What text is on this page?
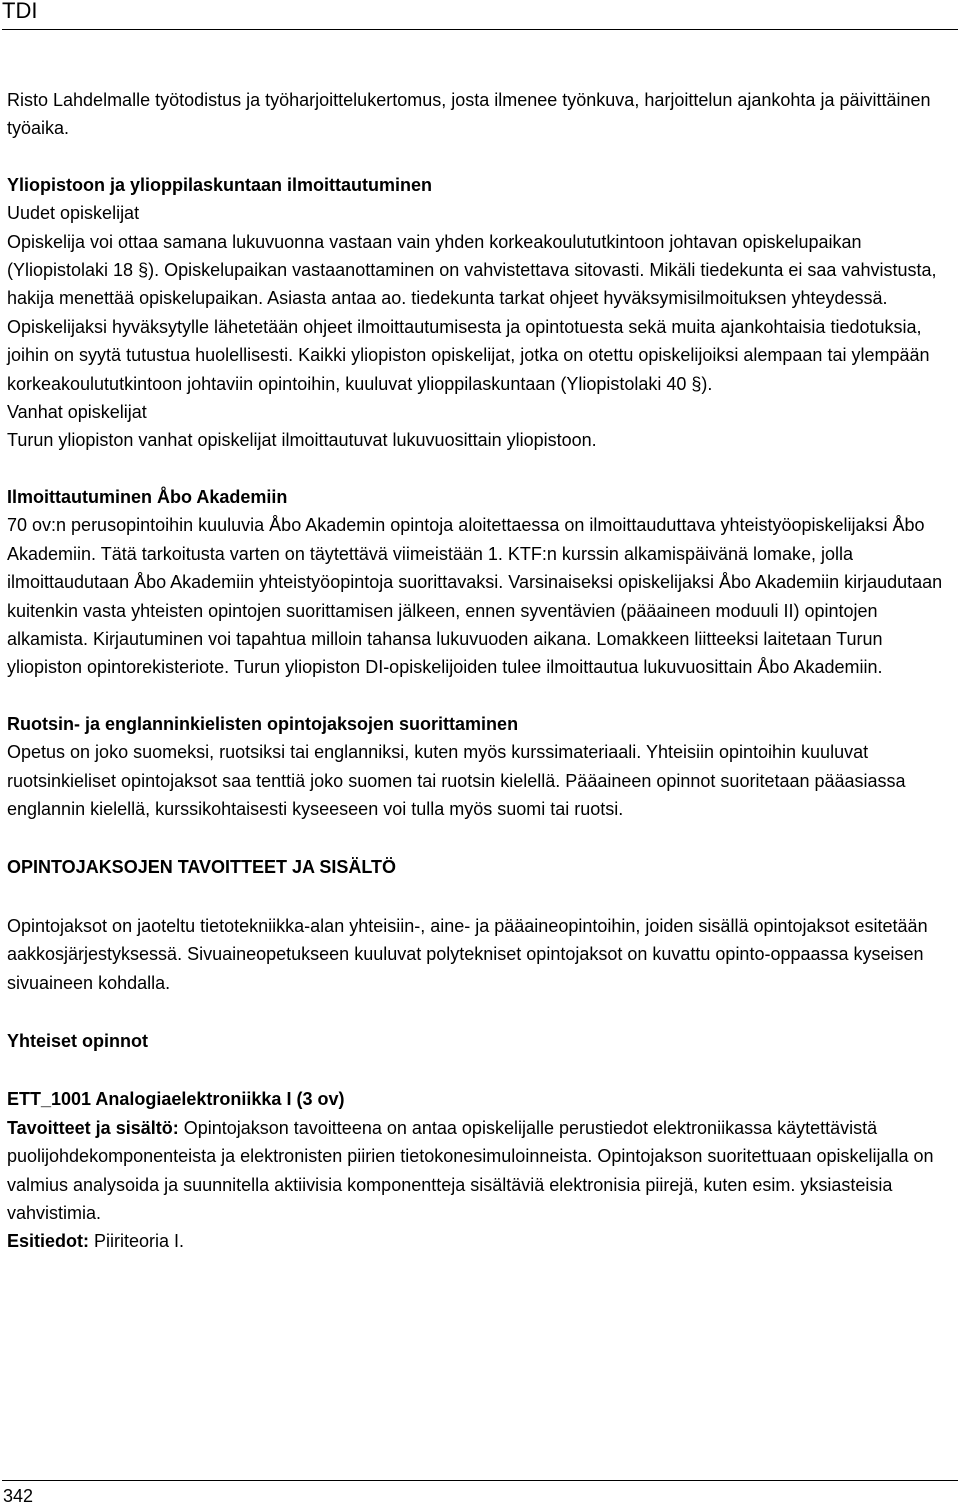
TDI

Risto Lahdelmalle työtodistus ja työharjoittelukertomus, josta ilmenee työnkuva, harjoittelun ajankohta ja päivittäinen työaika.

Yliopistoon ja ylioppilaskuntaan ilmoittautuminen

Uudet opiskelijat

Opiskelija voi ottaa samana lukuvuonna vastaan vain yhden korkeakoulututkintoon johtavan opiskelupaikan (Yliopistolaki 18 §). Opiskelupaikan vastaanottaminen on vahvistettava sitovasti. Mikäli tiedekunta ei saa vahvistusta, hakija menettää opiskelupaikan. Asiasta antaa ao. tiedekunta tarkat ohjeet hyväksymisilmoituksen yhteydessä. Opiskelijaksi hyväksytylle lähetetään ohjeet ilmoittautumisesta ja opintotuesta sekä muita ajankohtaisia tiedotuksia, joihin on syytä tutustua huolellisesti. Kaikki yliopiston opiskelijat, jotka on otettu opiskelijoiksi alempaan tai ylempään korkeakoulututkintoon johtaviin opintoihin, kuuluvat ylioppilaskuntaan (Yliopistolaki 40 §).

Vanhat opiskelijat

Turun yliopiston vanhat opiskelijat ilmoittautuvat lukuvuosittain yliopistoon.

Ilmoittautuminen Åbo Akademiin

70 ov:n perusopintoihin kuuluvia Åbo Akademin opintoja aloitettaessa on ilmoittauduttava yhteistyöopiskelijaksi Åbo Akademiin. Tätä tarkoitusta varten on täytettävä viimeistään 1. KTF:n kurssin alkamispäivänä lomake, jolla ilmoittaudutaan Åbo Akademiin yhteistyöopintoja suorittavaksi. Varsinaiseksi opiskelijaksi Åbo Akademiin kirjaudutaan kuitenkin vasta yhteisten opintojen suorittamisen jälkeen, ennen syventävien (pääaineen moduuli II) opintojen alkamista. Kirjautuminen voi tapahtua milloin tahansa lukuvuoden aikana. Lomakkeen liitteeksi laitetaan Turun yliopiston opintorekisteriote. Turun yliopiston DI-opiskelijoiden tulee ilmoittautua lukuvuosittain Åbo Akademiin.

Ruotsin- ja englanninkielisten opintojaksojen suorittaminen

Opetus on joko suomeksi, ruotsiksi tai englanniksi, kuten myös kurssimateriaali. Yhteisiin opintoihin kuuluvat ruotsinkieliset opintojaksot saa tenttiä joko suomen tai ruotsin kielellä. Pääaineen opinnot suoritetaan pääasiassa englannin kielellä, kurssikohtaisesti kyseeseen voi tulla myös suomi tai ruotsi.

OPINTOJAKSOJEN TAVOITTEET JA SISÄLTÖ

Opintojaksot on jaoteltu tietotekniikka-alan yhteisiin-, aine- ja pääaineopintoihin, joiden sisällä opintojaksot esitetään aakkosjärjestyksessä. Sivuaineopetukseen kuuluvat polytekniset opintojaksot on kuvattu opinto-oppaassa kyseisen sivuaineen kohdalla.

Yhteiset opinnot

ETT_1001 Analogiaelektroniikka I (3 ov)

Tavoitteet ja sisältö: Opintojakson tavoitteena on antaa opiskelijalle perustiedot elektroniikassa käytettävistä puolijohdekomponenteista ja elektronisten piirien tietokonesimuloinneista. Opintojakson suoritettuaan opiskelijalla on valmius analysoida ja suunnitella aktiivisia komponentteja sisältäviä elektronisia piirejä, kuten esim. yksiasteisia vahvistimia.

Esitiedot: Piiriteoria I.

342
